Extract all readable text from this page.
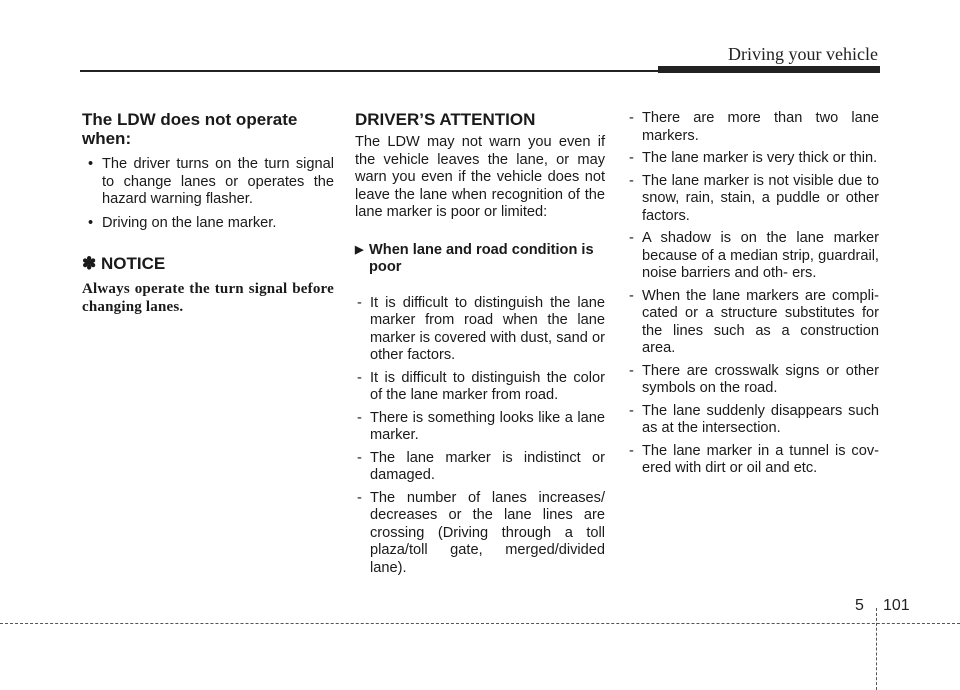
Driving your vehicle
The LDW does not operate when:
• The driver turns on the turn signal to change lanes or operates the hazard warning flasher.
• Driving on the lane marker.
✽ NOTICE

Always operate the turn signal before changing lanes.

DRIVER’S ATTENTION

The LDW may not warn you even if the vehicle leaves the lane, or may warn you even if the vehicle does not leave the lane when recognition of the lane marker is poor or limited:

▶ When lane and road condition is poor
- It is difficult to distinguish the lane marker from road when the lane marker is covered with dust, sand or other factors.
- It is difficult to distinguish the color of the lane marker from road.
- There is something looks like a lane marker.
- The lane marker is indistinct or damaged.
- The number of lanes increases/ decreases or the lane lines are crossing (Driving through a toll plaza/toll gate, merged/divided lane).
- There are more than two lane markers.
- The lane marker is very thick or thin.
- The lane marker is not visible due to snow, rain, stain, a puddle or other factors.
- A shadow is on the lane marker because of a median strip, guardrail, noise barriers and oth- ers.
- When the lane markers are compli- cated or a structure substitutes for the lines such as a construction area.
- There are crosswalk signs or other symbols on the road.
- The lane suddenly disappears such as at the intersection.
- The lane marker in a tunnel is cov- ered with dirt or oil and etc.
5 101
